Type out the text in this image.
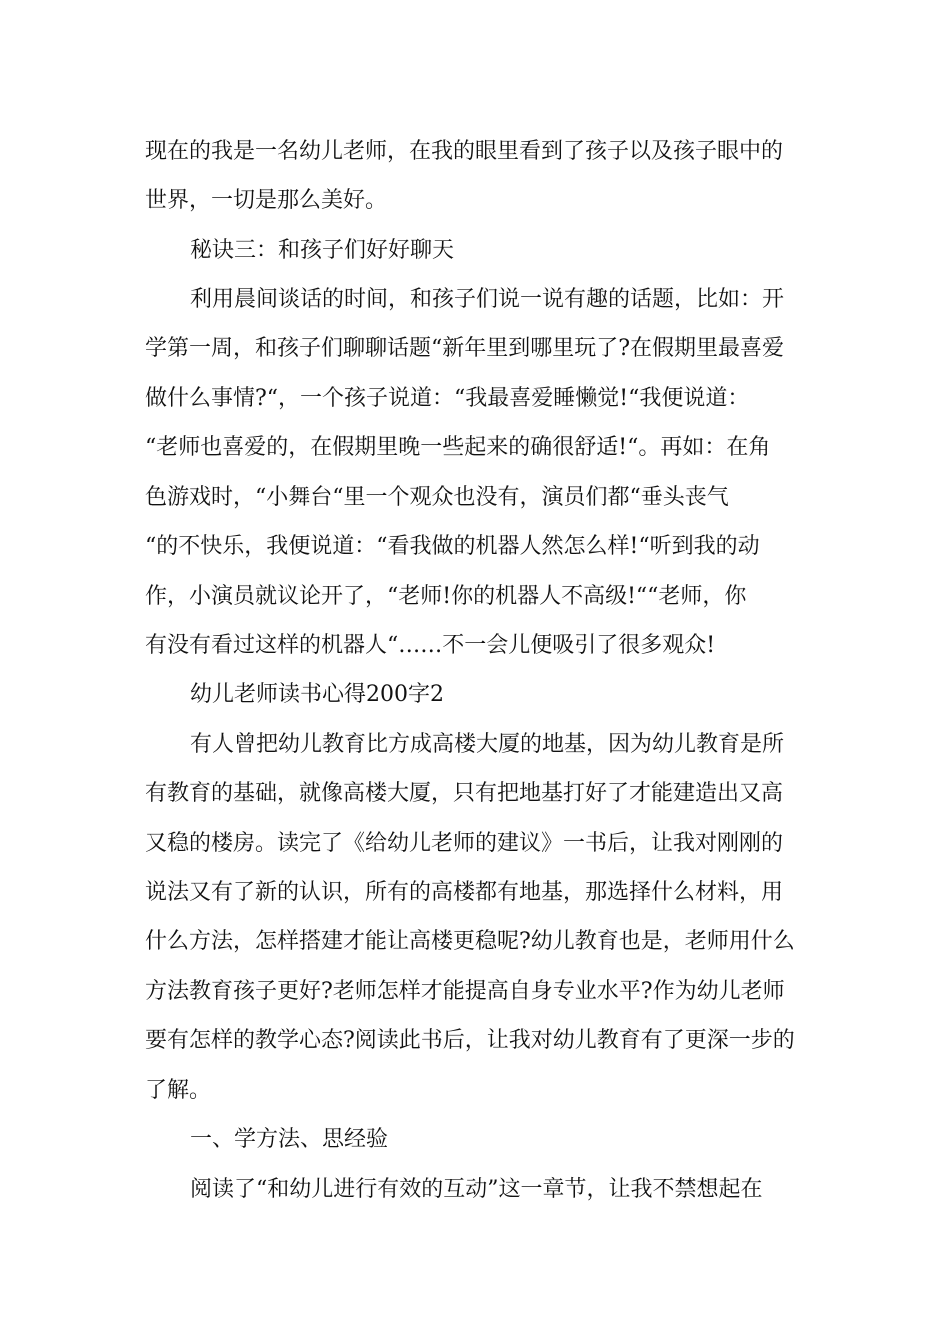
现在的我是一名幼儿老师，在我的眼里看到了孩子以及孩子眼中的
世界，一切是那么美好。
秘诀三：和孩子们好好聊天
利用晨间谈话的时间，和孩子们说一说有趣的话题，比如：开
学第一周，和孩子们聊聊话题“新年里到哪里玩了?在假期里最喜爱
做什么事情?“，一个孩子说道：“我最喜爱睡懒觉!“我便说道：
“老师也喜爱的，在假期里晚一些起来的确很舒适!“。再如：在角
色游戏时，“小舞台“里一个观众也没有，演员们都“垂头丧气
“的不快乐，我便说道：“看我做的机器人然怎么样!“听到我的动
作，小演员就议论开了，“老师!你的机器人不高级!““老师，你
有没有看过这样的机器人“……不一会儿便吸引了很多观众!
幼儿老师读书心得200字2
有人曾把幼儿教育比方成高楼大厦的地基，因为幼儿教育是所
有教育的基础，就像高楼大厦，只有把地基打好了才能建造出又高
又稳的楼房。读完了《给幼儿老师的建议》一书后，让我对刚刚的
说法又有了新的认识，所有的高楼都有地基，那选择什么材料，用
什么方法，怎样搭建才能让高楼更稳呢?幼儿教育也是，老师用什么
方法教育孩子更好?老师怎样才能提高自身专业水平?作为幼儿老师
要有怎样的教学心态?阅读此书后，让我对幼儿教育有了更深一步的
了解。
一、学方法、思经验
阅读了“和幼儿进行有效的互动”这一章节，让我不禁想起在
